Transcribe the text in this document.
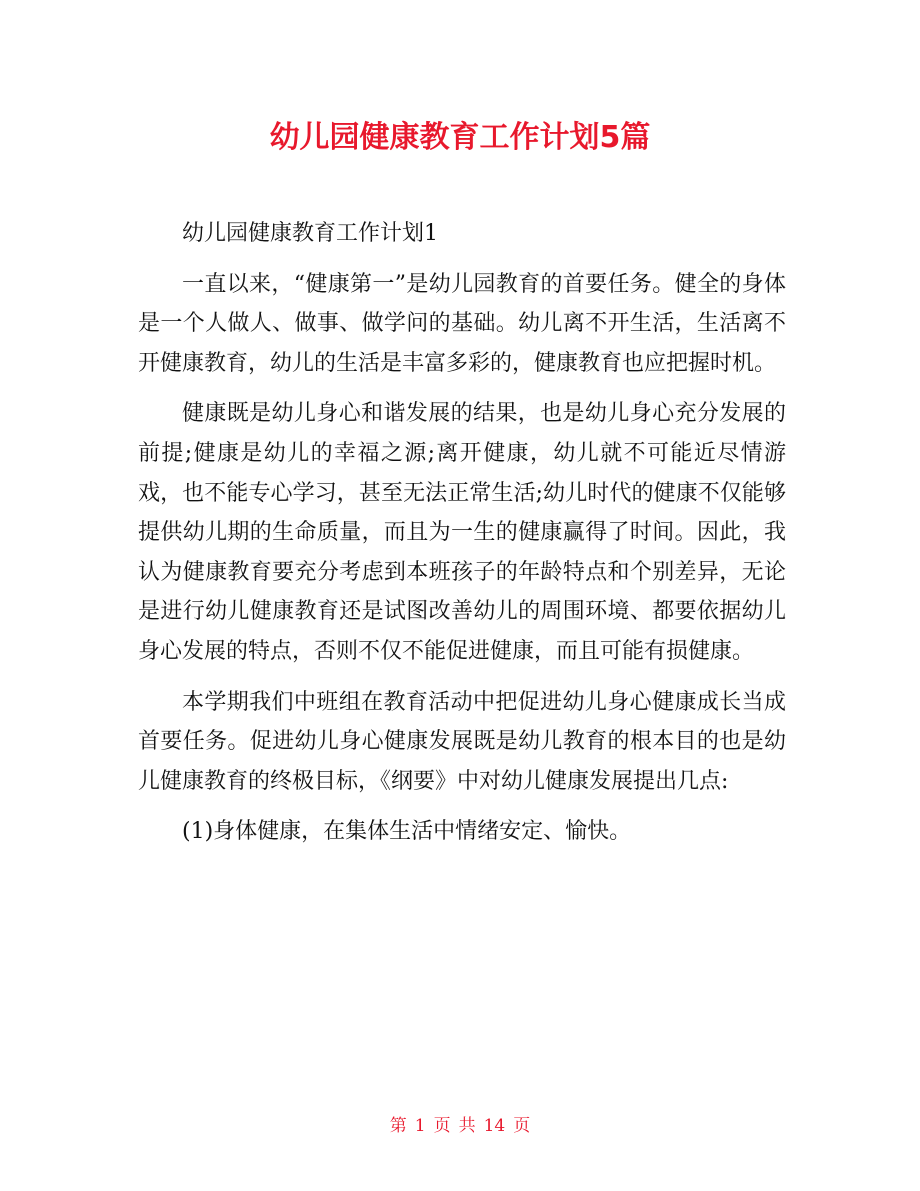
幼儿园健康教育工作计划5篇

幼儿园健康教育工作计划1

一直以来，“健康第一”是幼儿园教育的首要任务。健全的身体是一个人做人、做事、做学问的基础。幼儿离不开生活，生活离不开健康教育，幼儿的生活是丰富多彩的，健康教育也应把握时机。

健康既是幼儿身心和谐发展的结果，也是幼儿身心充分发展的前提;健康是幼儿的幸福之源;离开健康，幼儿就不可能近尽情游戏，也不能专心学习，甚至无法正常生活;幼儿时代的健康不仅能够提供幼儿期的生命质量，而且为一生的健康赢得了时间。因此，我认为健康教育要充分考虑到本班孩子的年龄特点和个别差异，无论是进行幼儿健康教育还是试图改善幼儿的周围环境、都要依据幼儿身心发展的特点，否则不仅不能促进健康，而且可能有损健康。

本学期我们中班组在教育活动中把促进幼儿身心健康成长当成首要任务。促进幼儿身心健康发展既是幼儿教育的根本目的也是幼儿健康教育的终极目标，《纲要》中对幼儿健康发展提出几点:

(1)身体健康，在集体生活中情绪安定、愉快。

第 1 页 共 14 页
